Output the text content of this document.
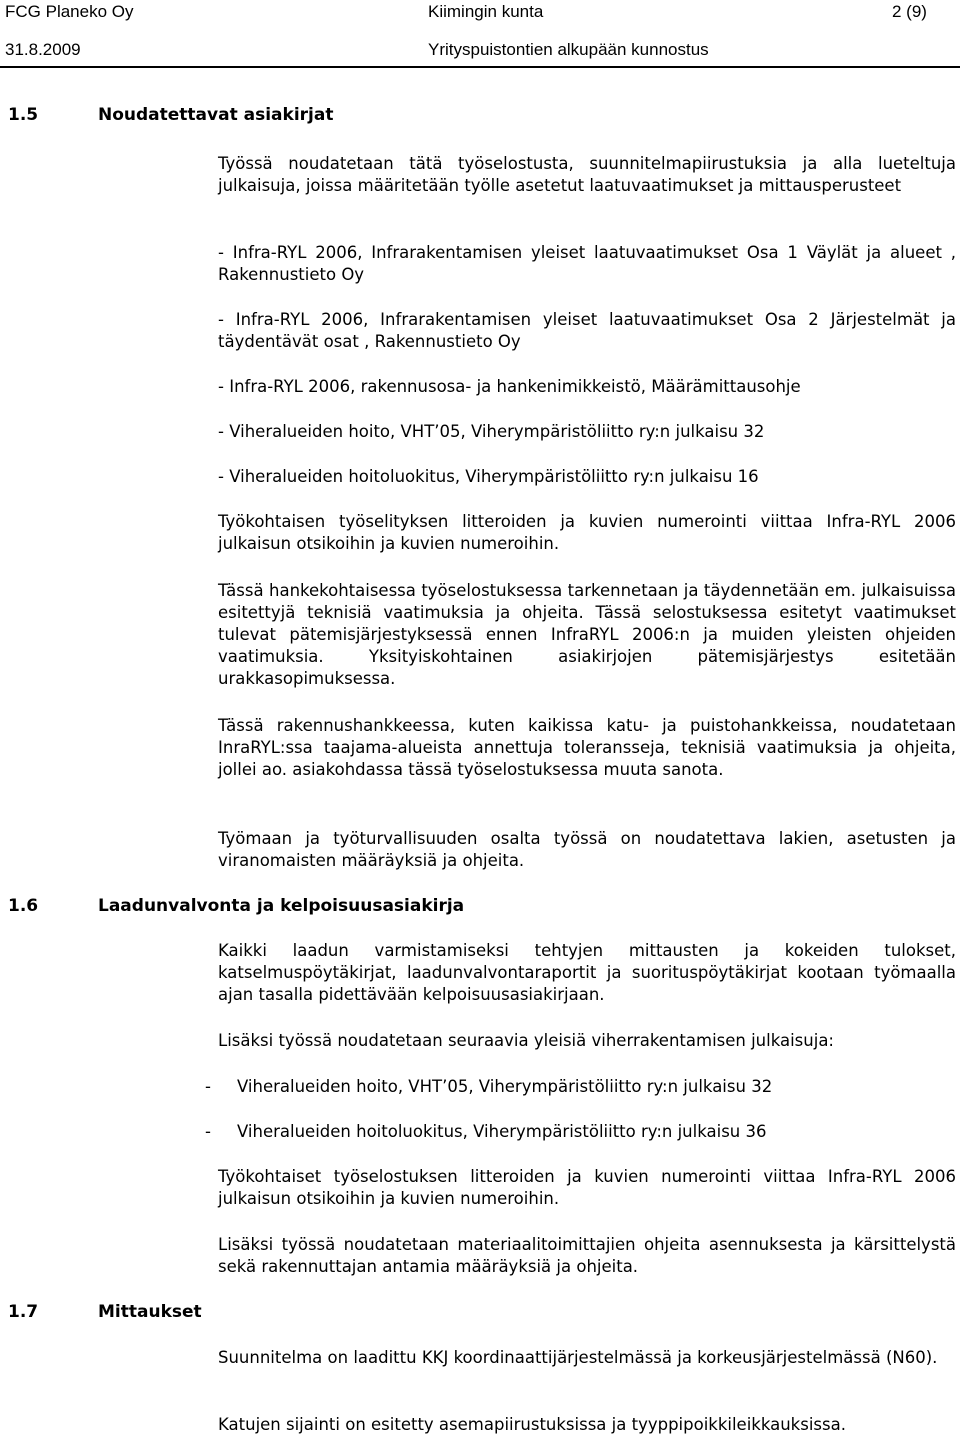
FCG Planeko Oy	Kiimingin kunta	2 (9)
31.8.2009	Yrityspuistontien alkupään kunnostus
1.5	Noudatettavat asiakirjat
Työssä noudatetaan tätä työselostusta, suunnitelmapiirustuksia ja alla lueteltuja julkaisuja, joissa määritetään työlle asetetut laatuvaatimukset ja mittausperusteet
- Infra-RYL 2006, Infrarakentamisen yleiset laatuvaatimukset Osa 1 Väylät ja alueet , Rakennustieto Oy
- Infra-RYL 2006, Infrarakentamisen yleiset laatuvaatimukset Osa 2 Järjestelmät ja täydentävät osat , Rakennustieto Oy
- Infra-RYL 2006, rakennusosa- ja hankenimikkeistö, Määrämittausohje
- Viheralueiden hoito, VHT’05, Viherympäristöliitto ry:n julkaisu 32
- Viheralueiden hoitoluokitus, Viherympäristöliitto ry:n julkaisu 16
Työkohtaisen työselityksen litteroiden ja kuvien numerointi viittaa Infra-RYL 2006 julkaisun otsikoihin ja kuvien numeroihin.
Tässä hankekohtaisessa työselostuksessa tarkennetaan ja täydennetään em. julkaisuissa esitettyjä teknisiä vaatimuksia ja ohjeita. Tässä selostuksessa esitetyt vaatimukset tulevat pätemisjärjestyksessä ennen InfraRYL 2006:n ja muiden yleisten ohjeiden vaatimuksia. Yksityiskohtainen asiakirjojen pätemisjärjestys esitetään urakkasopimuksessa.
Tässä rakennushankkeessa, kuten kaikissa katu- ja puistohankkeissa, noudatetaan InraRYL:ssa taajama-alueista annettuja toleransseja, teknisiä vaatimuksia ja ohjeita, jollei ao. asiakohdassa tässä työselostuksessa muuta sanota.
Työmaan ja työturvallisuuden osalta työssä on noudatettava lakien, asetusten ja viranomaisten määräyksiä ja ohjeita.
1.6	Laadunvalvonta ja kelpoisuusasiakirja
Kaikki laadun varmistamiseksi tehtyjen mittausten ja kokeiden tulokset, katselmuspöytäkirjat, laadunvalvontaraportit ja suorituspöytäkirjat kootaan työmaalla ajan tasalla pidettävään kelpoisuusasiakirjaan.
Lisäksi työssä noudatetaan seuraavia yleisiä viherrakentamisen julkaisuja:
- Viheralueiden hoito, VHT’05, Viherympäristöliitto ry:n julkaisu 32
- Viheralueiden hoitoluokitus, Viherympäristöliitto ry:n julkaisu 36
Työkohtaiset työselostuksen litteroiden ja kuvien numerointi viittaa Infra-RYL 2006 julkaisun otsikoihin ja kuvien numeroihin.
Lisäksi työssä noudatetaan materiaalitoimittajien ohjeita asennuksesta ja kärsittelystä sekä rakennuttajan antamia määräyksiä ja ohjeita.
1.7	Mittaukset
Suunnitelma on laadittu KKJ koordinaattijärjestelmässä ja korkeusjärjestelmässä (N60).
Katujen sijainti on esitetty asemapiirustuksissa ja tyyppipoikkileikkauksissa.
